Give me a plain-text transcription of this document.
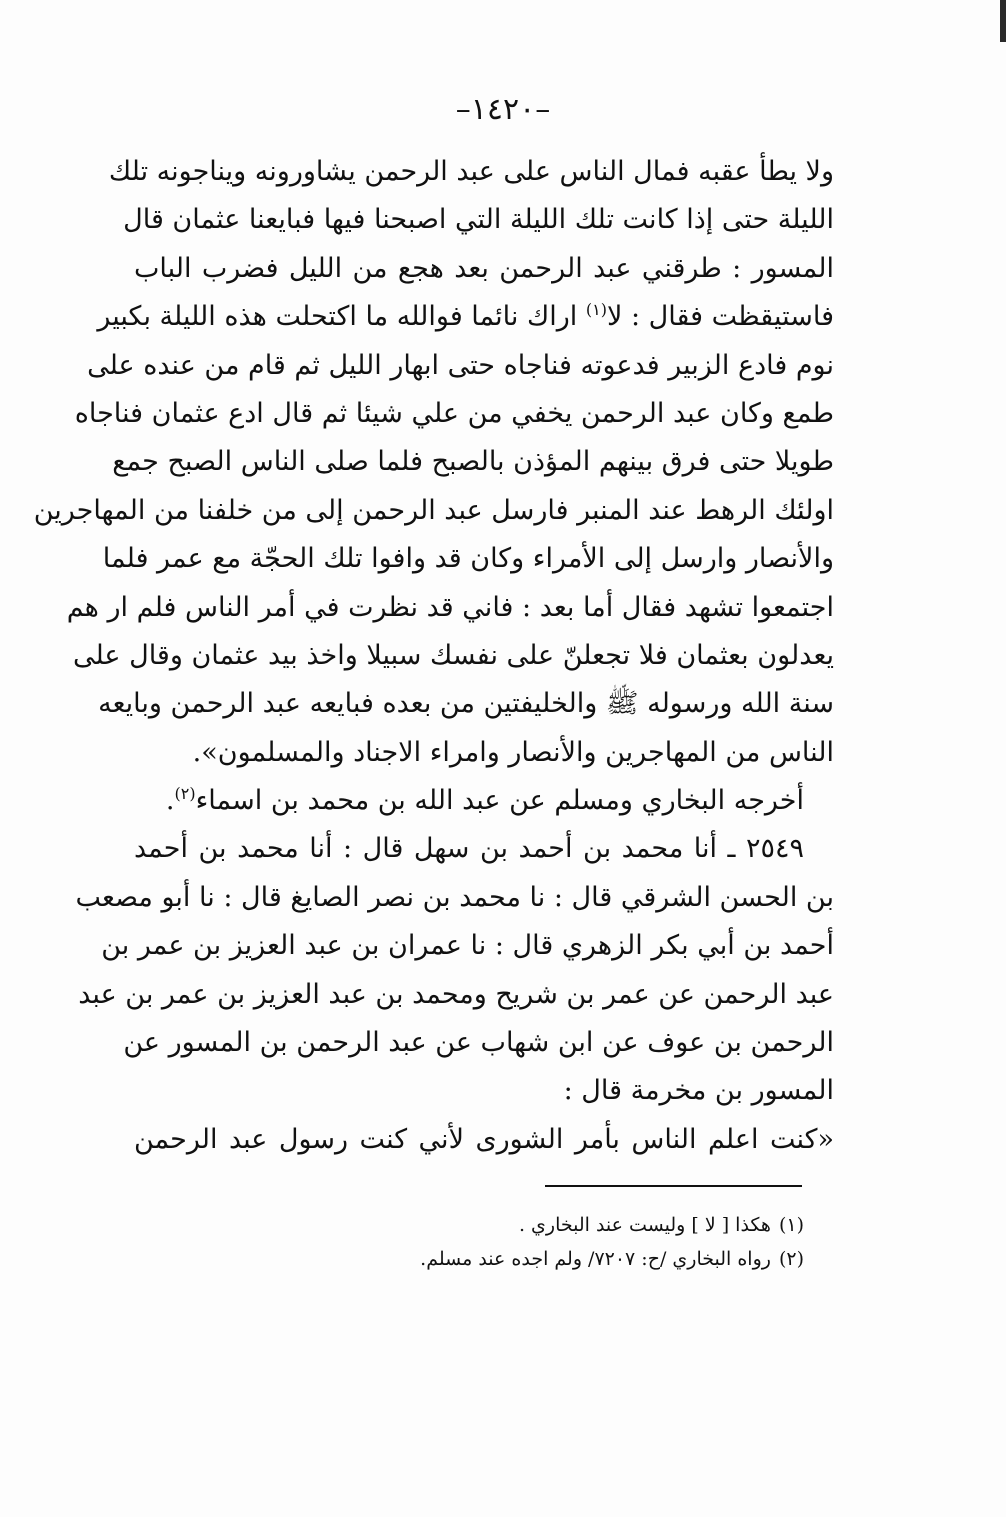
–١٤٢٠–
ولا يطأ عقبه فمال الناس على عبد الرحمن يشاورونه ويناجونه تلك
الليلة حتى إذا كانت تلك الليلة التي اصبحنا فيها فبايعنا عثمان قال
المسور : طرقني عبد الرحمن بعد هجع من الليل فضرب الباب
فاستيقظت فقال : لا$^{(١)}$ اراك نائما فوالله ما اكتحلت هذه الليلة بكبير
نوم فادع الزبير فدعوته فناجاه حتى ابهار الليل ثم قام من عنده على
طمع وكان عبد الرحمن يخفي من علي شيئا ثم قال ادع عثمان فناجاه
طويلا حتى فرق بينهم المؤذن بالصبح فلما صلى الناس الصبح جمع
اولئك الرهط عند المنبر فارسل عبد الرحمن إلى من خلفنا من المهاجرين
والأنصار وارسل إلى الأمراء وكان قد وافوا تلك الحجّة مع عمر فلما
اجتمعوا تشهد فقال أما بعد : فاني قد نظرت في أمر الناس فلم ار هم
يعدلون بعثمان فلا تجعلنّ على نفسك سبيلا واخذ بيد عثمان وقال على
سنة الله ورسوله ﷺ والخليفتين من بعده فبايعه عبد الرحمن وبايعه
الناس من المهاجرين والأنصار وامراء الاجناد والمسلمون».
أخرجه البخاري ومسلم عن عبد الله بن محمد بن اسماء$^{(٢)}$.
٢٥٤٩ ـ أنا محمد بن أحمد بن سهل قال : أنا محمد بن أحمد
بن الحسن الشرقي قال : نا محمد بن نصر الصايغ قال : نا أبو مصعب
أحمد بن أبي بكر الزهري قال : نا عمران بن عبد العزيز بن عمر بن
عبد الرحمن عن عمر بن شريح ومحمد بن عبد العزيز بن عمر بن عبد
الرحمن بن عوف عن ابن شهاب عن عبد الرحمن بن المسور عن
المسور بن مخرمة قال :
«كنت اعلم الناس بأمر الشورى لأني كنت رسول عبد الرحمن
(١)هكذا [ لا ] وليست عند البخاري .
(٢)رواه البخاري /ح: ٧٢٠٧/ ولم اجده عند مسلم.
